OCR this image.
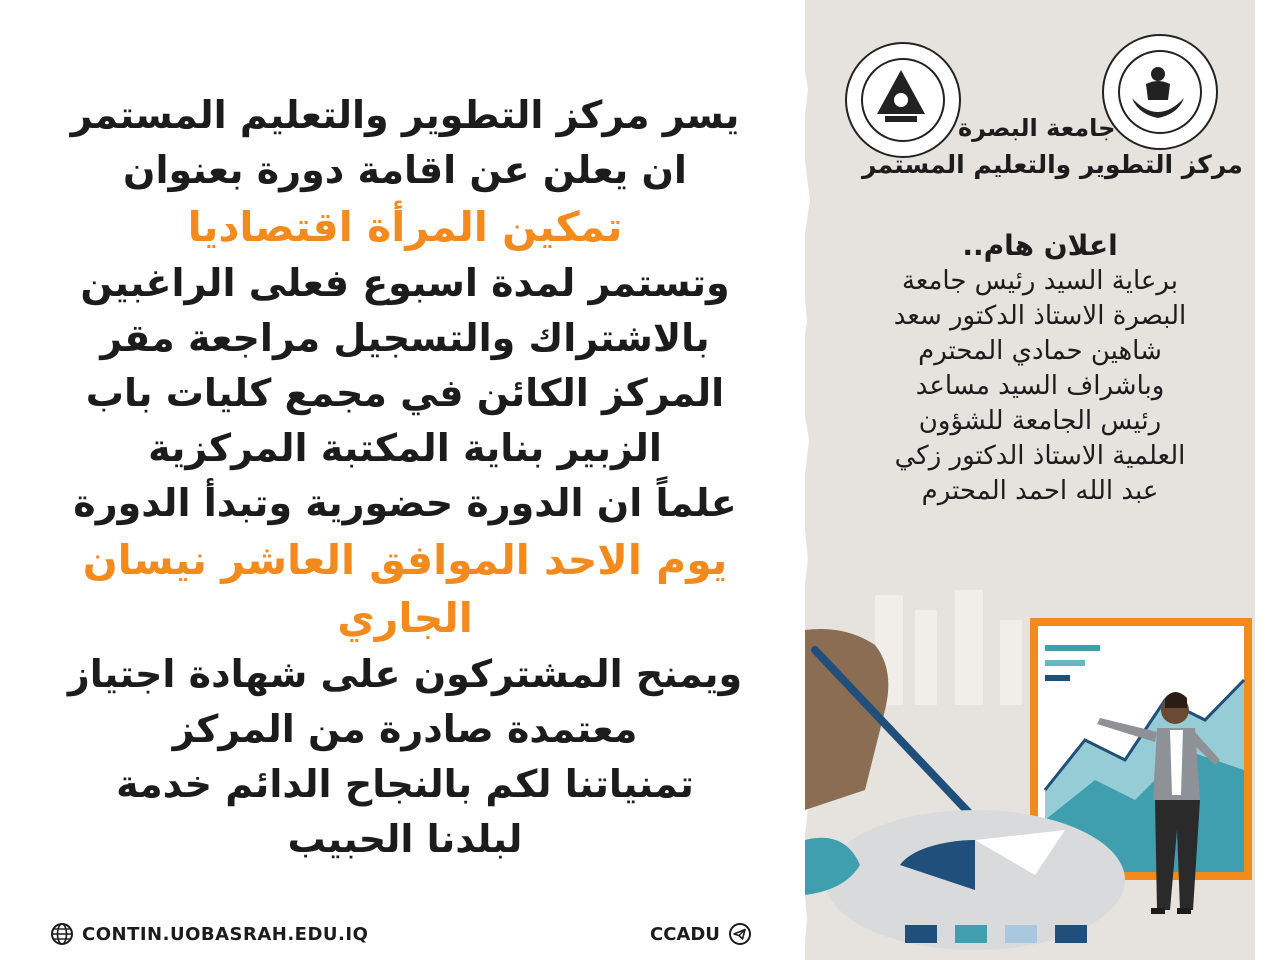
يسر مركز التطوير والتعليم المستمر
ان يعلن عن اقامة دورة بعنوان
تمكين المرأة اقتصاديا
وتستمر لمدة اسبوع فعلى الراغبين
بالاشتراك والتسجيل مراجعة مقر
المركز الكائن في مجمع كليات باب
الزبير بناية المكتبة المركزية
علماً ان الدورة حضورية وتبدأ الدورة
يوم الاحد الموافق العاشر نيسان
الجاري
ويمنح المشتركون على شهادة اجتياز
معتمدة صادرة من المركز
تمنياتنا لكم بالنجاح الدائم خدمة
لبلدنا الحبيب
CONTIN.UOBASRAH.EDU.IQ	CCADU
جامعة البصرة
مركز التطوير والتعليم المستمر
اعلان هام..
برعاية السيد رئيس جامعة
البصرة الاستاذ الدكتور سعد
شاهين حمادي المحترم
وباشراف السيد مساعد
رئيس الجامعة للشؤون
العلمية الاستاذ الدكتور زكي
عبد الله احمد المحترم
